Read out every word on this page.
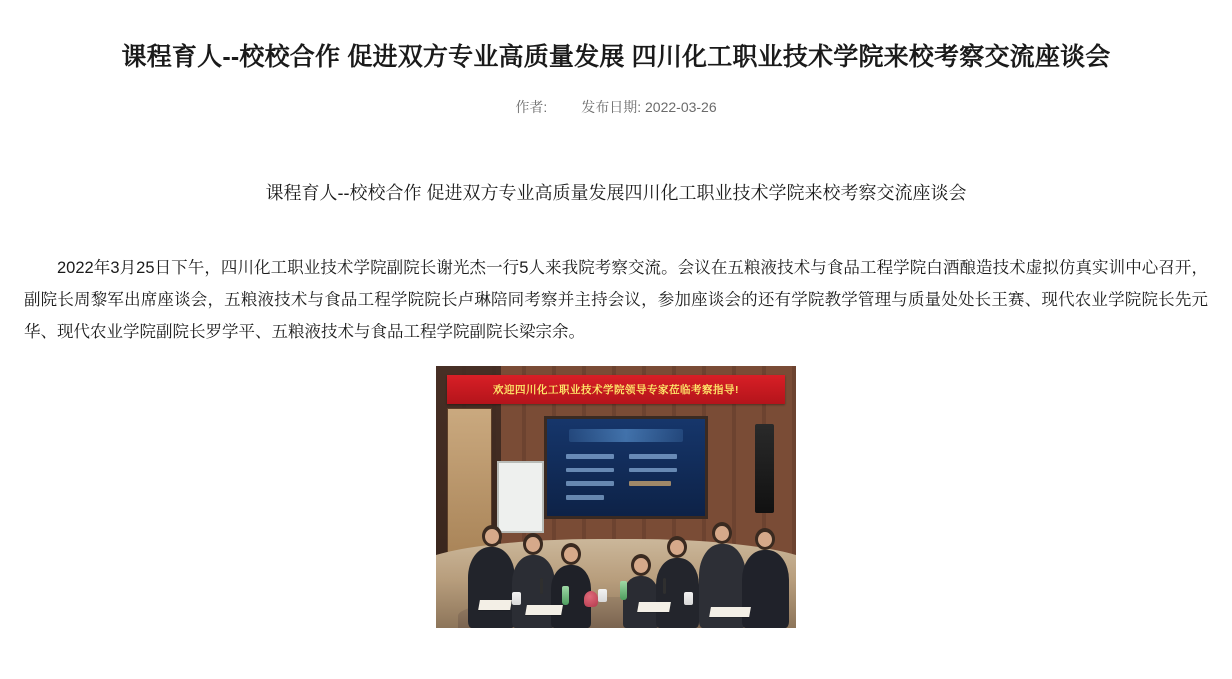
课程育人--校校合作 促进双方专业高质量发展 四川化工职业技术学院来校考察交流座谈会
作者: 发布日期: 2022-03-26
课程育人--校校合作 促进双方专业高质量发展四川化工职业技术学院来校考察交流座谈会

2022年3月25日下午，四川化工职业技术学院副院长谢光杰一行5人来我院考察交流。会议在五粮液技术与食品工程学院白酒酿造技术虚拟仿真实训中心召开，副院长周黎军出席座谈会，五粮液技术与食品工程学院院长卢琳陪同考察并主持会议，参加座谈会的还有学院教学管理与质量处处长王赛、现代农业学院院长先元华、现代农业学院副院长罗学平、五粮液技术与食品工程学院副院长梁宗余。

欢迎四川化工职业技术学院领导专家莅临考察指导!
